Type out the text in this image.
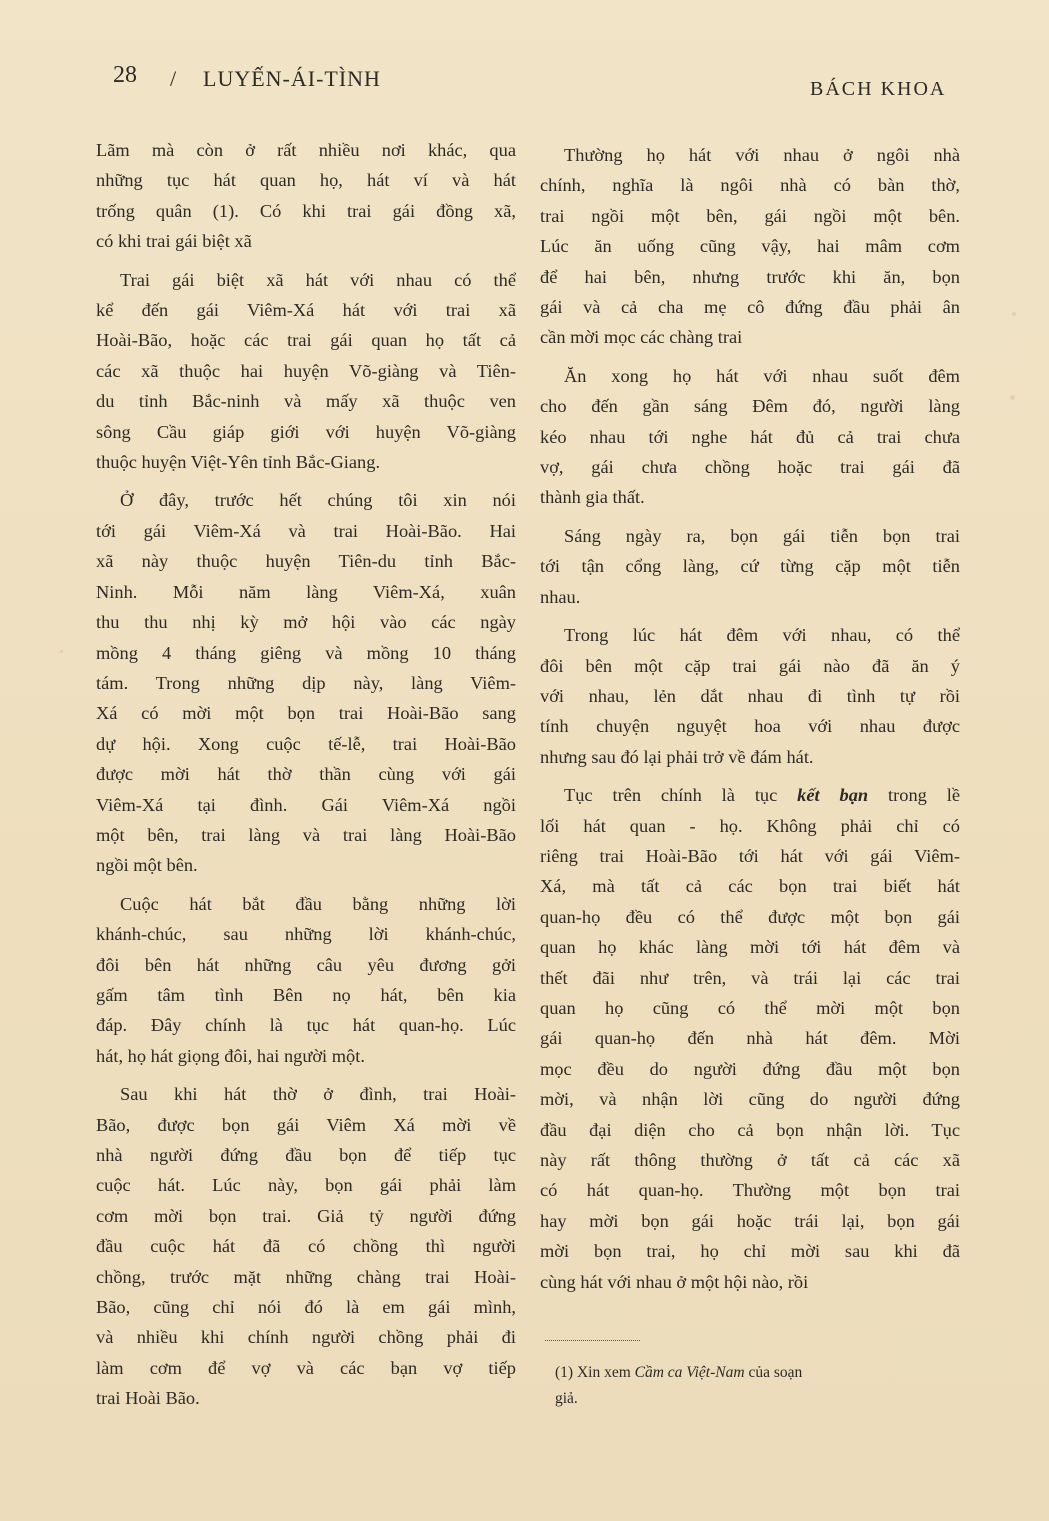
28 / LUYẾN-ÁI-TÌNH	BÁCH KHOA
Lãm mà còn ở rất nhiều nơi khác, qua
những tục hát quan họ, hát ví và hát
trống quân (1). Có khi trai gái đồng xã,
có khi trai gái biệt xã
Trai gái biệt xã hát với nhau có thể
kể đến gái Viêm-Xá hát với trai xã
Hoài-Bão, hoặc các trai gái quan họ tất cả
các xã thuộc hai huyện Võ-giàng và Tiên-
du tỉnh Bắc-ninh và mấy xã thuộc ven
sông Cầu giáp giới với huyện Võ-giàng
thuộc huyện Việt-Yên tỉnh Bắc-Giang.
Ở đây, trước hết chúng tôi xin nói
tới gái Viêm-Xá và trai Hoài-Bão. Hai
xã này thuộc huyện Tiên-du tỉnh Bắc-
Ninh. Mỗi năm làng Viêm-Xá, xuân
thu thu nhị kỳ mở hội vào các ngày
mồng 4 tháng giêng và mồng 10 tháng
tám. Trong những dịp này, làng Viêm-
Xá có mời một bọn trai Hoài-Bão sang
dự hội. Xong cuộc tế-lễ, trai Hoài-Bão
được mời hát thờ thần cùng với gái
Viêm-Xá tại đình. Gái Viêm-Xá ngồi
một bên, trai làng và trai làng Hoài-Bão
ngồi một bên.
Cuộc hát bắt đầu bằng những lời
khánh-chúc, sau những lời khánh-chúc,
đôi bên hát những câu yêu đương gởi
gấm tâm tình Bên nọ hát, bên kia
đáp. Đây chính là tục hát quan-họ. Lúc
hát, họ hát giọng đôi, hai người một.
Sau khi hát thờ ở đình, trai Hoài-
Bão, được bọn gái Viêm Xá mời về
nhà người đứng đầu bọn để tiếp tục
cuộc hát. Lúc này, bọn gái phải làm
cơm mời bọn trai. Giả tỷ người đứng
đầu cuộc hát đã có chồng thì người
chồng, trước mặt những chàng trai Hoài-
Bão, cũng chỉ nói đó là em gái mình,
và nhiều khi chính người chồng phải đi
làm cơm để vợ và các bạn vợ tiếp
trai Hoài Bão.
Thường họ hát với nhau ở ngôi nhà
chính, nghĩa là ngôi nhà có bàn thờ,
trai ngồi một bên, gái ngồi một bên.
Lúc ăn uống cũng vậy, hai mâm cơm
để hai bên, nhưng trước khi ăn, bọn
gái và cả cha mẹ cô đứng đầu phải ân
cần mời mọc các chàng trai
Ăn xong họ hát với nhau suốt đêm
cho đến gần sáng Đêm đó, người làng
kéo nhau tới nghe hát đủ cả trai chưa
vợ, gái chưa chồng hoặc trai gái đã
thành gia thất.
Sáng ngày ra, bọn gái tiễn bọn trai
tới tận cổng làng, cứ từng cặp một tiễn
nhau.
Trong lúc hát đêm với nhau, có thể
đôi bên một cặp trai gái nào đã ăn ý
với nhau, lẻn dắt nhau đi tình tự rồi
tính chuyện nguyệt hoa với nhau được
nhưng sau đó lại phải trở về đám hát.
Tục trên chính là tục kết bạn trong lề
lối hát quan - họ. Không phải chỉ có
riêng trai Hoài-Bão tới hát với gái Viêm-
Xá, mà tất cả các bọn trai biết hát
quan-họ đều có thể được một bọn gái
quan họ khác làng mời tới hát đêm và
thết đãi như trên, và trái lại các trai
quan họ cũng có thể mời một bọn
gái quan-họ đến nhà hát đêm. Mời
mọc đều do người đứng đầu một bọn
mời, và nhận lời cũng do người đứng
đầu đại diện cho cả bọn nhận lời. Tục
này rất thông thường ở tất cả các xã
có hát quan-họ. Thường một bọn trai
hay mời bọn gái hoặc trái lại, bọn gái
mời bọn trai, họ chỉ mời sau khi đã
cùng hát với nhau ở một hội nào, rồi
(1) Xin xem Cầm ca Việt-Nam của soạn
giả.
